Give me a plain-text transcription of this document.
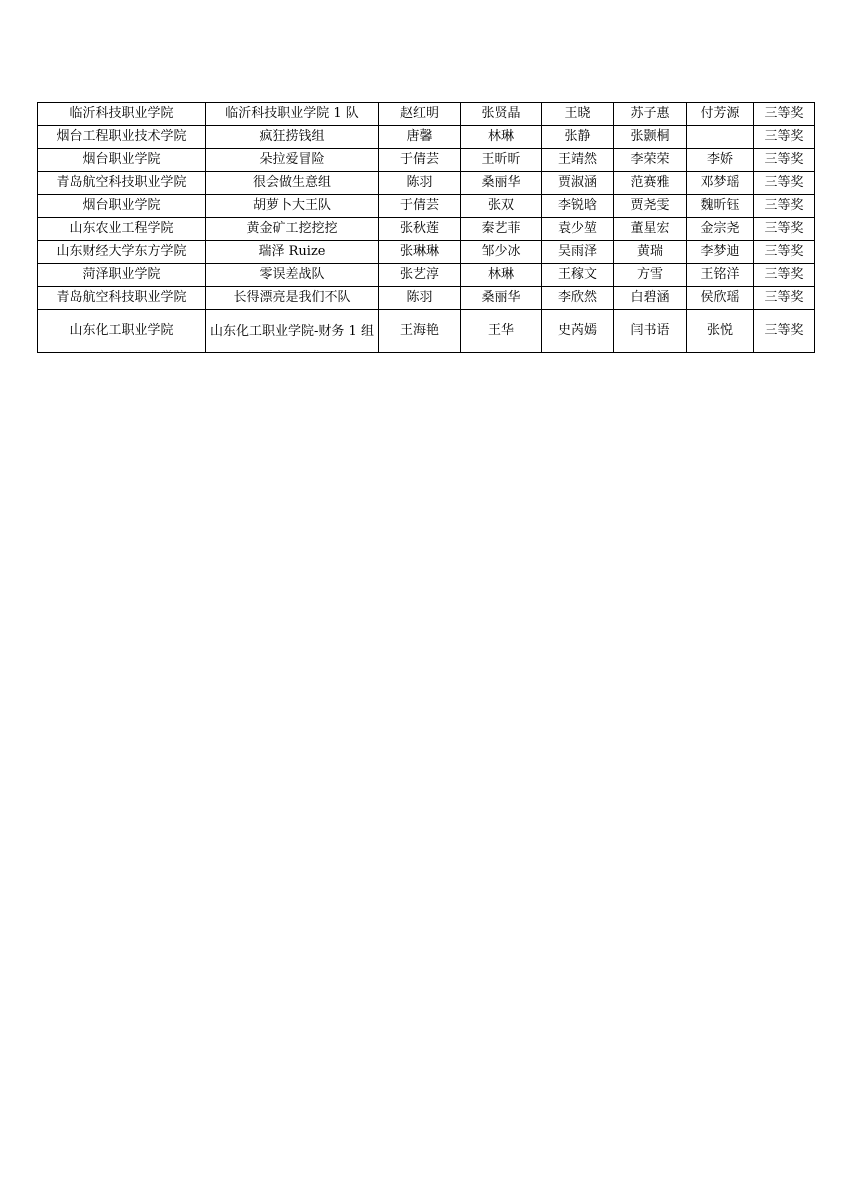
临沂科技职业学院	临沂科技职业学院 1 队	赵红明	张贤晶	王晓	苏子惠	付芳源	三等奖
烟台工程职业技术学院	疯狂捞钱组	唐馨	林琳	张静	张颢桐		三等奖
烟台职业学院	朵拉爱冒险	于倩芸	王昕昕	王靖然	李荣荣	李娇	三等奖
青岛航空科技职业学院	很会做生意组	陈羽	桑丽华	贾淑涵	范赛雅	邓梦瑶	三等奖
烟台职业学院	胡萝卜大王队	于倩芸	张双	李锐晗	贾尧雯	魏昕钰	三等奖
山东农业工程学院	黄金矿工挖挖挖	张秋莲	秦艺菲	袁少堃	董星宏	金宗尧	三等奖
山东财经大学东方学院	瑞泽 Ruize	张琳琳	邹少冰	吴雨泽	黄瑞	李梦迪	三等奖
菏泽职业学院	零误差战队	张艺淳	林琳	王稼文	方雪	王铭洋	三等奖
青岛航空科技职业学院	长得漂亮是我们不队	陈羽	桑丽华	李欣然	白碧涵	侯欣瑶	三等奖
山东化工职业学院	山东化工职业学院-财务 1 组	王海艳	王华	史芮嫣	闫书语	张悦	三等奖
